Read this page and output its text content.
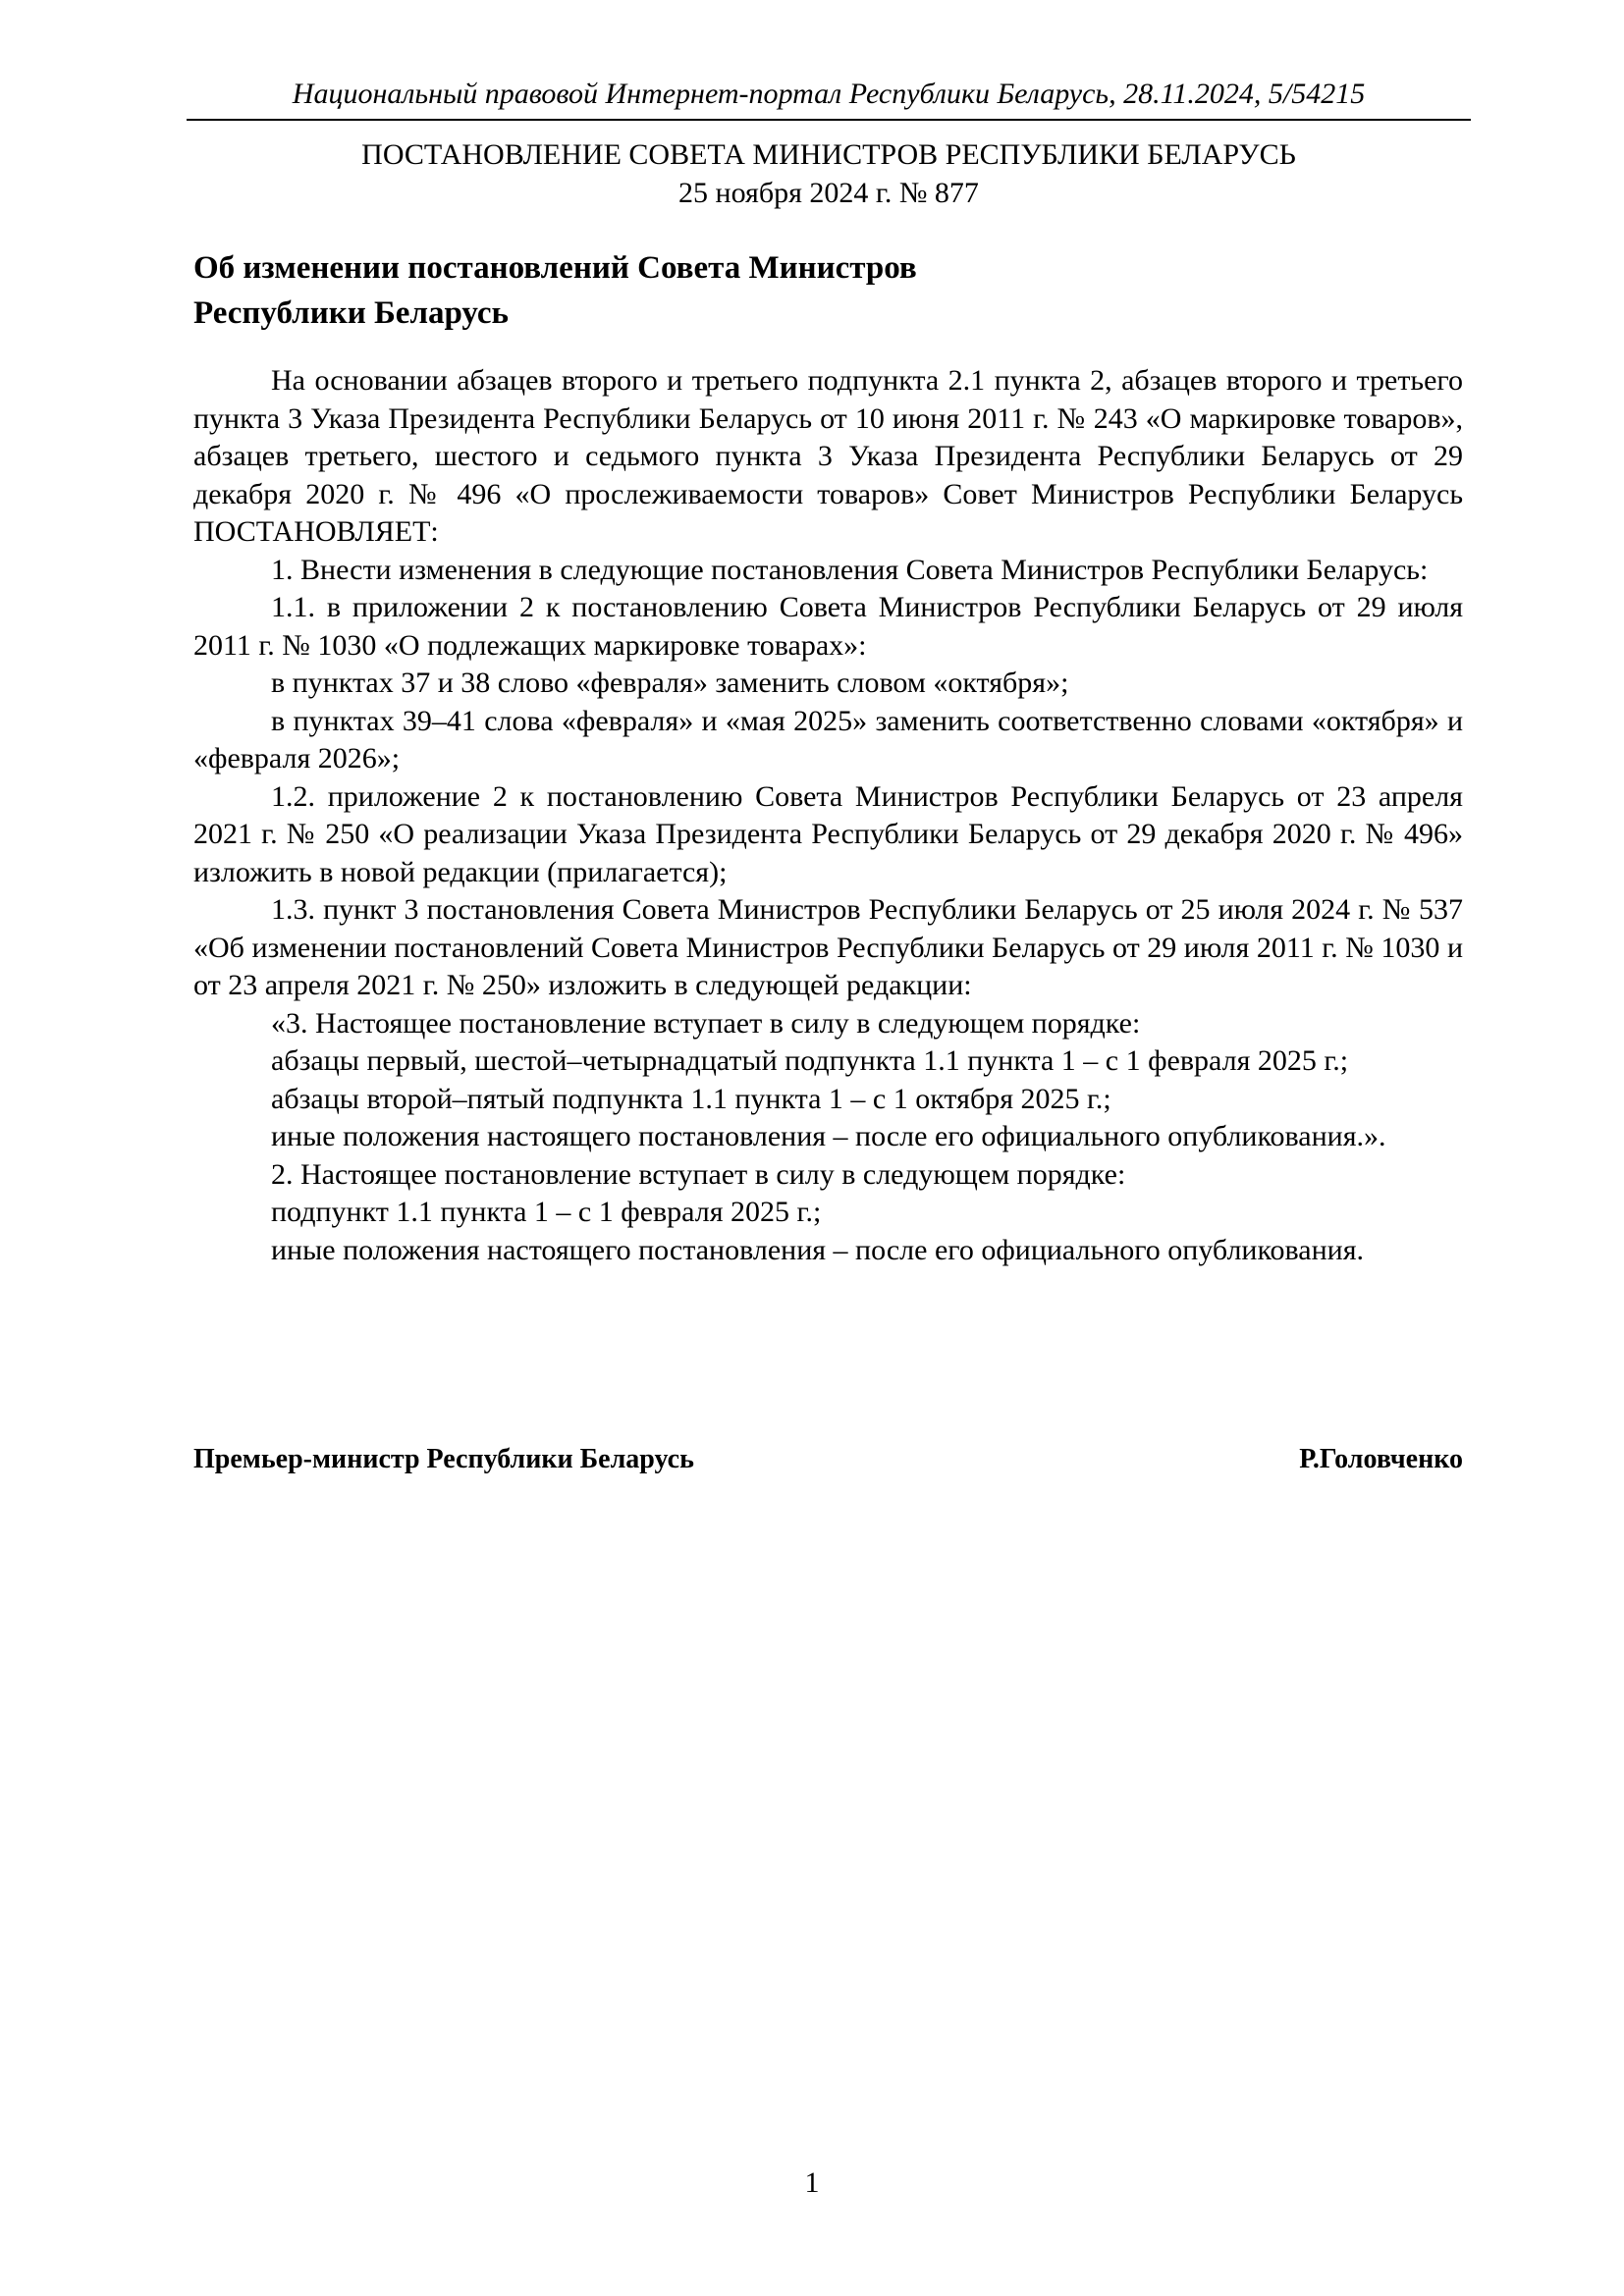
Национальный правовой Интернет-портал Республики Беларусь, 28.11.2024, 5/54215
ПОСТАНОВЛЕНИЕ СОВЕТА МИНИСТРОВ РЕСПУБЛИКИ БЕЛАРУСЬ
25 ноября 2024 г. № 877
Об изменении постановлений Совета Министров
Республики Беларусь

На основании абзацев второго и третьего подпункта 2.1 пункта 2, абзацев второго и третьего пункта 3 Указа Президента Республики Беларусь от 10 июня 2011 г. № 243 «О маркировке товаров», абзацев третьего, шестого и седьмого пункта 3 Указа Президента Республики Беларусь от 29 декабря 2020 г. № 496 «О прослеживаемости товаров» Совет Министров Республики Беларусь ПОСТАНОВЛЯЕТ:

1. Внести изменения в следующие постановления Совета Министров Республики Беларусь:

1.1. в приложении 2 к постановлению Совета Министров Республики Беларусь от 29 июля 2011 г. № 1030 «О подлежащих маркировке товарах»:

в пунктах 37 и 38 слово «февраля» заменить словом «октября»;

в пунктах 39–41 слова «февраля» и «мая 2025» заменить соответственно словами «октября» и «февраля 2026»;

1.2. приложение 2 к постановлению Совета Министров Республики Беларусь от 23 апреля 2021 г. № 250 «О реализации Указа Президента Республики Беларусь от 29 декабря 2020 г. № 496» изложить в новой редакции (прилагается);

1.3. пункт 3 постановления Совета Министров Республики Беларусь от 25 июля 2024 г. № 537 «Об изменении постановлений Совета Министров Республики Беларусь от 29 июля 2011 г. № 1030 и от 23 апреля 2021 г. № 250» изложить в следующей редакции:

«3. Настоящее постановление вступает в силу в следующем порядке:

абзацы первый, шестой–четырнадцатый подпункта 1.1 пункта 1 – с 1 февраля 2025 г.;

абзацы второй–пятый подпункта 1.1 пункта 1 – с 1 октября 2025 г.;

иные положения настоящего постановления – после его официального опубликования.».

2. Настоящее постановление вступает в силу в следующем порядке:

подпункт 1.1 пункта 1 – с 1 февраля 2025 г.;

иные положения настоящего постановления – после его официального опубликования.

Премьер-министр Республики Беларусь	Р.Головченко
1
